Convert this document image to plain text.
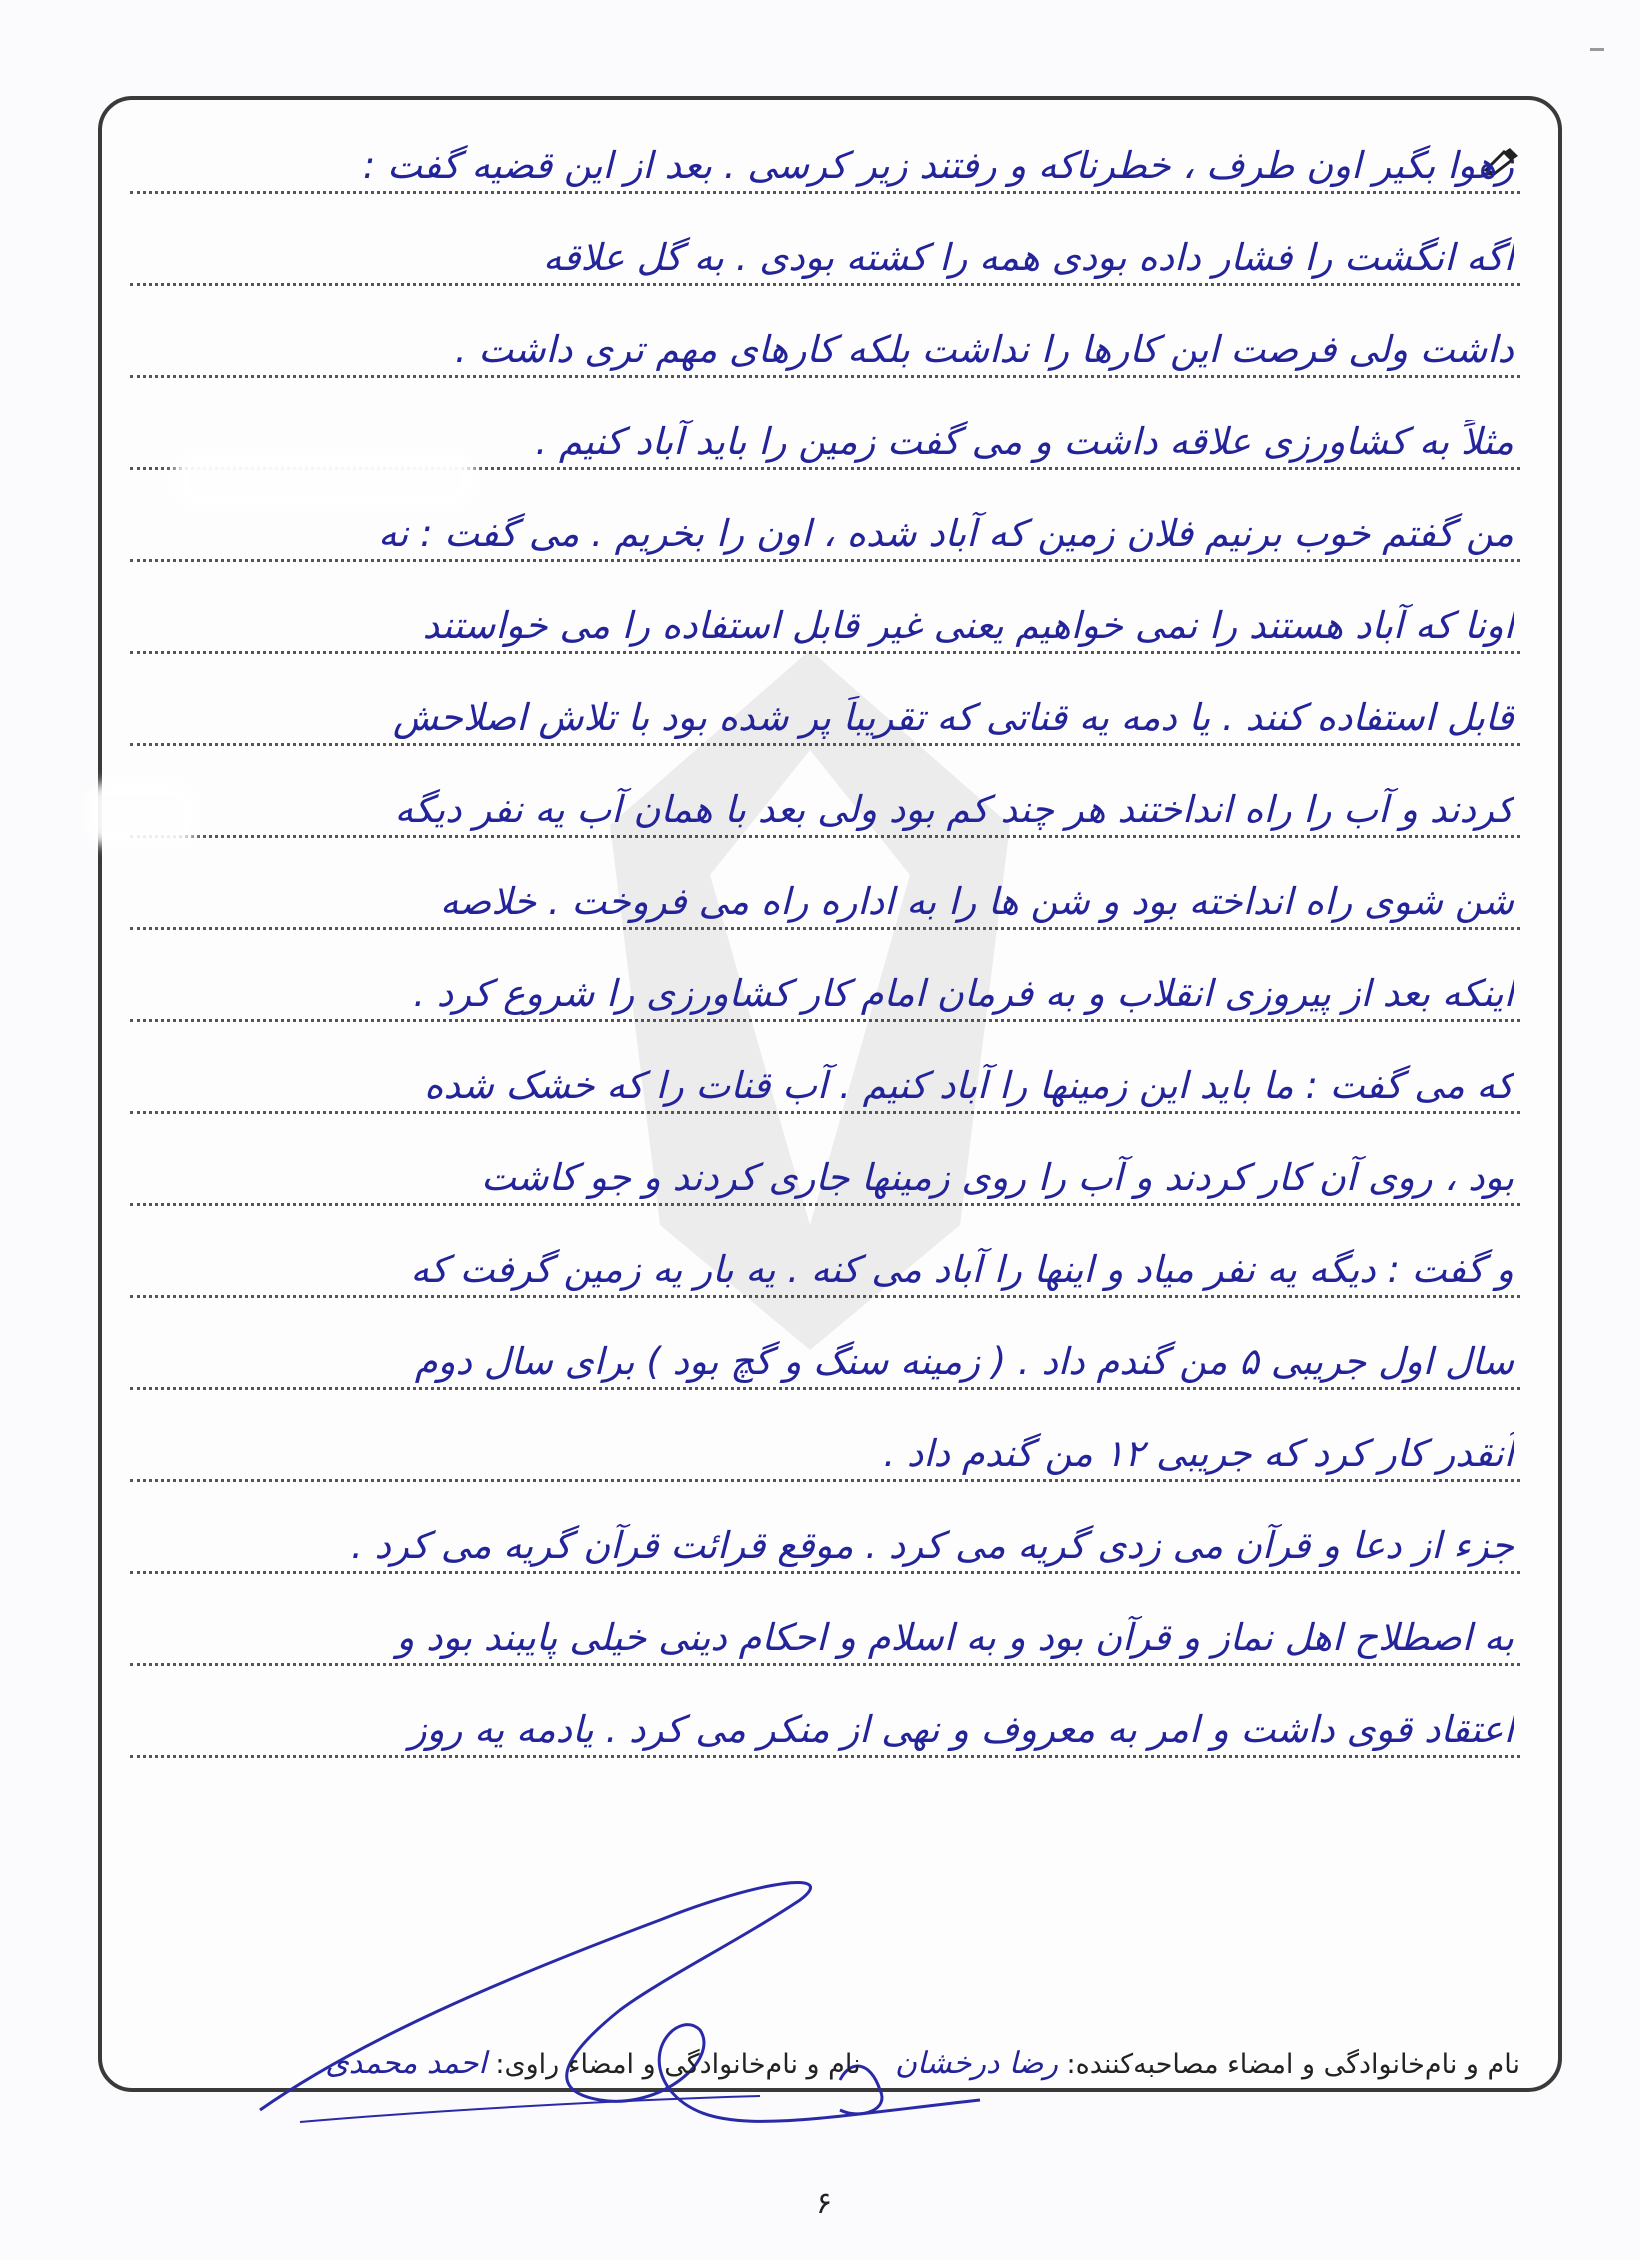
زهوا بگیر اون طرف ، خطرناکه و رفتند زیر کرسی . بعد از این قضیه گفت :
اگه انگشت را فشار داده بودی همه را کشته بودی . به گل علاقه
داشت ولی فرصت این کارها را نداشت بلکه کارهای مهم تری داشت .
مثلاً به کشاورزی علاقه داشت و می گفت زمین را باید آباد کنیم .
من گفتم خوب برنیم فلان زمین که آباد شده ، اون را بخریم . می گفت : نه
اونا که آباد هستند را نمی خواهیم یعنی غیر قابل استفاده را می خواستند
قابل استفاده کنند . یا دمه یه قناتی که تقریباً پر شده بود با تلاش اصلاحش
کردند و آب را راه انداختند هر چند کم بود ولی بعد با همان آب یه نفر دیگه
شن شوی راه انداخته بود و شن ها را به اداره راه می فروخت . خلاصه
اینکه بعد از پیروزی انقلاب و به فرمان امام کار کشاورزی را شروع کرد .
که می گفت : ما باید این زمینها را آباد کنیم . آب قنات را که خشک شده
بود ، روی آن کار کردند و آب را روی زمینها جاری کردند و جو کاشت
و گفت : دیگه یه نفر میاد و اینها را آباد می کنه . یه بار یه زمین گرفت که
سال اول جریبی ۵ من گندم داد . ( زمینه سنگ و گچ بود ) برای سال دوم
آنقدر کار کرد که جریبی ۱۲ من گندم داد .
جزء از دعا و قرآن می زدی گریه می کرد . موقع قرائت قرآن گریه می کرد .
به اصطلاح اهل نماز و قرآن بود و به اسلام و احکام دینی خیلی پایبند بود و
اعتقاد قوی داشت و امر به معروف و نهی از منکر می کرد . یادمه یه روز
نام و نام‌خانوادگی و امضاء مصاحبه‌کننده: رضا درخشان    نام و نام‌خانوادگی و امضاء راوی: احمد محمدی
۶
